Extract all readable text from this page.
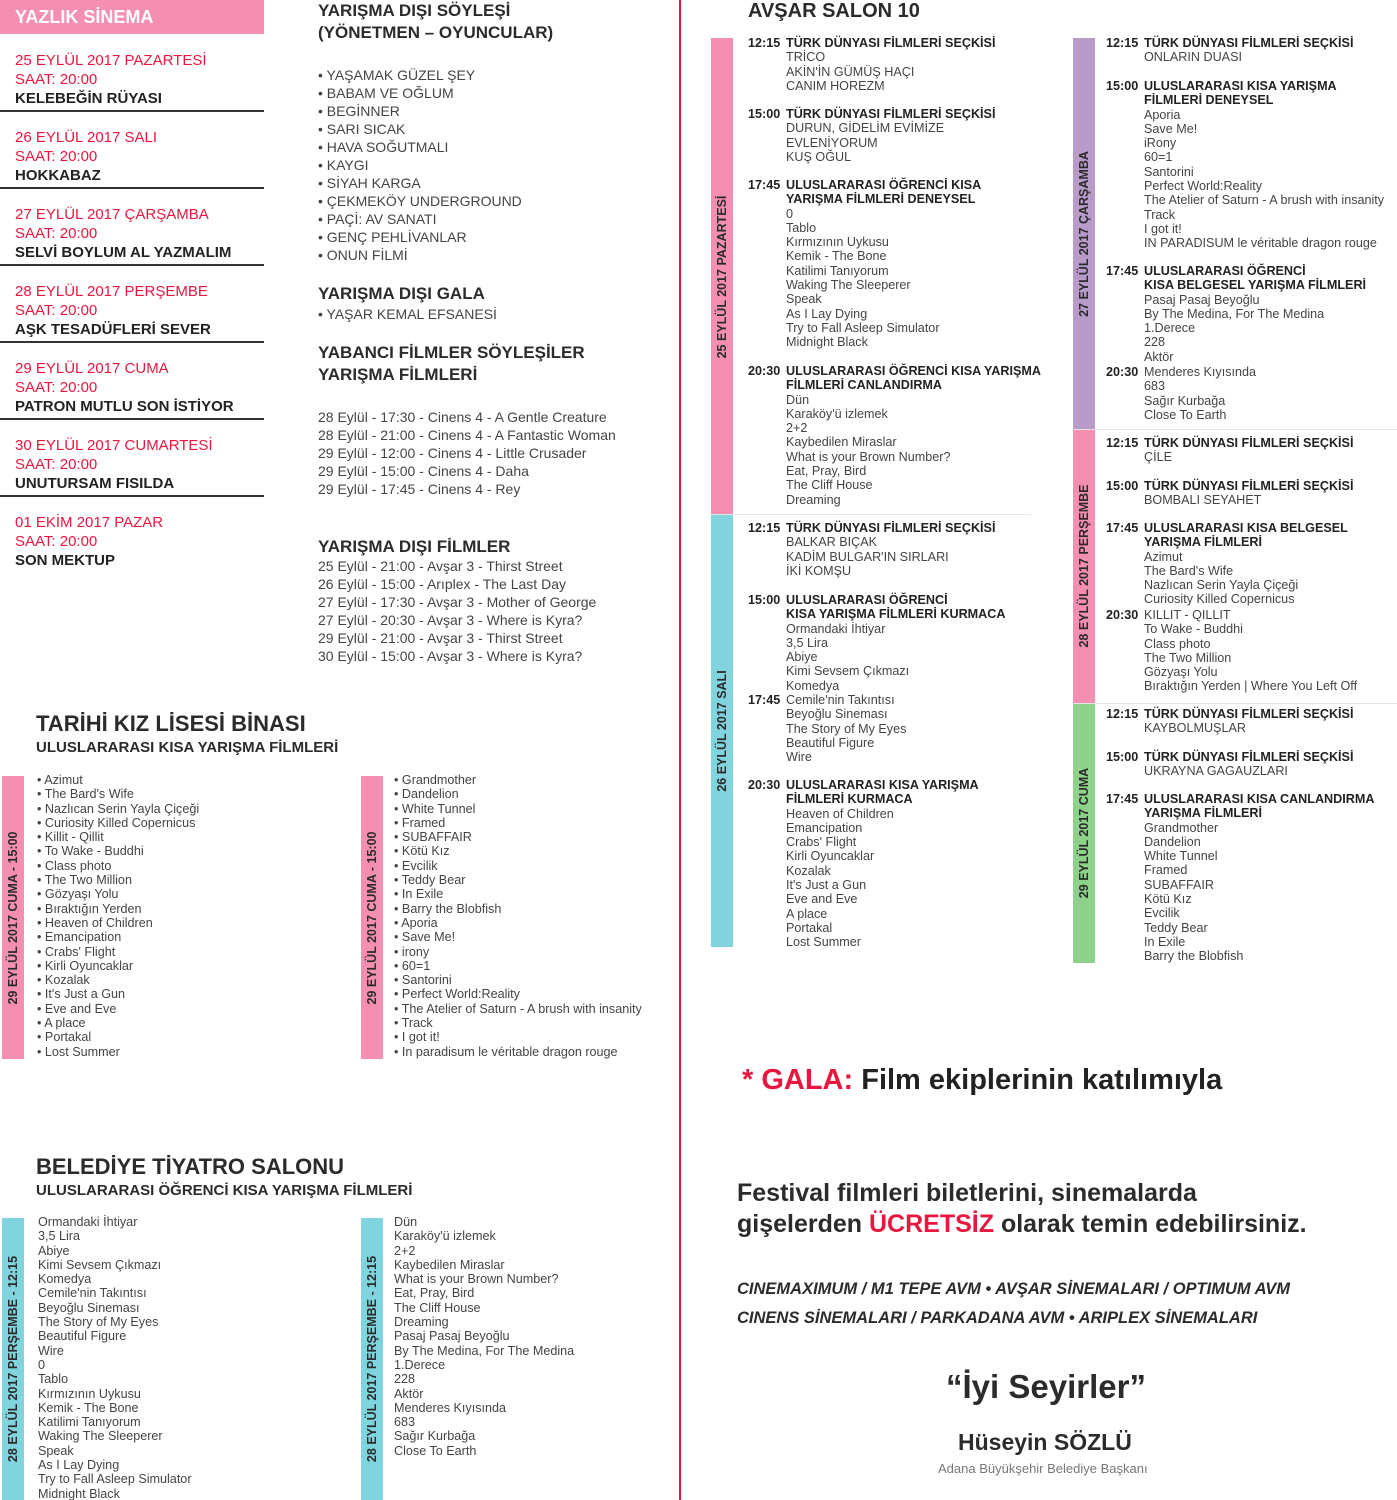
YAZLIK SİNEMA
25 EYLÜL 2017 PAZARTESİ
SAAT: 20:00
KELEBEĞİN RÜYASI
26 EYLÜL 2017 SALI
SAAT: 20:00
HOKKABAZ
27 EYLÜL 2017 ÇARŞAMBA
SAAT: 20:00
SELVİ BOYLUM AL YAZMALIM
28 EYLÜL 2017 PERŞEMBE
SAAT: 20:00
AŞK TESADÜFLERİ SEVER
29 EYLÜL 2017 CUMA
SAAT: 20:00
PATRON MUTLU SON İSTİYOR
30 EYLÜL 2017 CUMARTESİ
SAAT: 20:00
UNUTURSAM FISILDA
01 EKİM 2017 PAZAR
SAAT: 20:00
SON MEKTUP
YARIŞMA DIŞI SÖYLEŞİ
(YÖNETMEN – OYUNCULAR)
• YAŞAMAK GÜZEL ŞEY
• BABAM VE OĞLUM
• BEGİNNER
• SARI SICAK
• HAVA SOĞUTMALI
• KAYGI
• SİYAH KARGA
• ÇEKMEKÖY UNDERGROUND
• PAÇİ: AV SANATI
• GENÇ PEHLİVANLAR
• ONUN FİLMİ
YARIŞMA DIŞI GALA
• YAŞAR KEMAL EFSANESİ
YABANCI FİLMLER SÖYLEŞİLER
YARIŞMA FİLMLERİ
28 Eylül - 17:30 - Cinens 4 - A Gentle Creature
28 Eylül - 21:00 - Cinens 4 - A Fantastic Woman
29 Eylül - 12:00 - Cinens 4 - Little Crusader
29 Eylül - 15:00 - Cinens 4 - Daha
29 Eylül - 17:45 - Cinens 4 - Rey
YARIŞMA DIŞI FİLMLER
25 Eylül - 21:00 - Avşar 3 - Thirst Street
26 Eylül - 15:00 - Arıplex - The Last Day
27 Eylül - 17:30 - Avşar 3 - Mother of George
27 Eylül - 20:30 - Avşar 3 - Where is Kyra?
29 Eylül - 21:00 - Avşar 3 - Thirst Street
30 Eylül - 15:00 - Avşar 3 - Where is Kyra?
TARİHİ KIZ LİSESİ BİNASI
ULUSLARARASI KISA YARIŞMA FİLMLERİ
29 EYLÜL 2017 CUMA - 15:00
• Azimut
• The Bard's Wife
• Nazlıcan Serin Yayla Çiçeği
• Curiosity Killed Copernicus
• Killit - Qillit
• To Wake - Buddhi
• Class photo
• The Two Million
• Gözyaşı Yolu
• Bıraktığın Yerden
• Heaven of Children
• Emancipation
• Crabs' Flight
• Kirli Oyuncaklar
• Kozalak
• It's Just a Gun
• Eve and Eve
• A place
• Portakal
• Lost Summer
29 EYLÜL 2017 CUMA - 15:00
• Grandmother
• Dandelion
• White Tunnel
• Framed
• SUBAFFAIR
• Kötü Kız
• Evcilik
• Teddy Bear
• In Exile
• Barry the Blobfish
• Aporia
• Save Me!
• irony
• 60=1
• Santorini
• Perfect World:Reality
• The Atelier of Saturn - A brush with insanity
• Track
• I got it!
• In paradisum le véritable dragon rouge
BELEDİYE TİYATRO SALONU
ULUSLARARASI ÖĞRENCİ KISA YARIŞMA FİLMLERİ
28 EYLÜL 2017 PERŞEMBE - 12:15
Ormandaki İhtiyar
3,5 Lira
Abiye
Kimi Sevsem Çıkmazı
Komedya
Cemile'nin Takıntısı
Beyoğlu Sineması
The Story of My Eyes
Beautiful Figure
Wire
0
Tablo
Kırmızının Uykusu
Kemik - The Bone
Katilimi Tanıyorum
Waking The Sleeperer
Speak
As I Lay Dying
Try to Fall Asleep Simulator
Midnight Black
28 EYLÜL 2017 PERŞEMBE - 12:15
Dün
Karaköy'ü izlemek
2+2
Kaybedilen Miraslar
What is your Brown Number?
Eat, Pray, Bird
The Cliff House
Dreaming
Pasaj Pasaj Beyoğlu
By The Medina, For The Medina
1.Derece
228
Aktör
Menderes Kıyısında
683
Sağır Kurbağa
Close To Earth
AVŞAR SALON 10
25 EYLÜL 2017 PAZARTESİ
26 EYLÜL 2017 SALI
27 EYLÜL 2017 ÇARŞAMBA
28 EYLÜL 2017 PERŞEMBE
29 EYLÜL 2017 CUMA
12:15 TÜRK DÜNYASI FİLMLERİ SEÇKİSİ
TRİCO
AKİN'İN GÜMÜŞ HAÇI
CANIM HOREZM
15:00 TÜRK DÜNYASI FİLMLERİ SEÇKİSİ
DURUN, GİDELİM EVİMİZE
EVLENİYORUM
KUŞ OĞUL
17:45 ULUSLARARASI ÖĞRENCİ KISA
YARIŞMA FİLMLERİ DENEYSEL
0
Tablo
Kırmızının Uykusu
Kemik - The Bone
Katilimi Tanıyorum
Waking The Sleeperer
Speak
As I Lay Dying
Try to Fall Asleep Simulator
Midnight Black
20:30 ULUSLARARASI ÖĞRENCİ KISA YARIŞMA
FİLMLERİ CANLANDIRMA
Dün
Karaköy'ü izlemek
2+2
Kaybedilen Miraslar
What is your Brown Number?
Eat, Pray, Bird
The Cliff House
Dreaming
12:15 TÜRK DÜNYASI FİLMLERİ SEÇKİSİ
BALKAR BIÇAK
KADİM BULGAR'IN SIRLARI
İKİ KOMŞU
15:00 ULUSLARARASI ÖĞRENCİ
KISA YARIŞMA FİLMLERİ KURMACA
Ormandaki İhtiyar
3,5 Lira
Abiye
Kimi Sevsem Çıkmazı
Komedya
17:45 Cemile'nin Takıntısı
Beyoğlu Sineması
The Story of My Eyes
Beautiful Figure
Wire
20:30 ULUSLARARASI KISA YARIŞMA
FİLMLERİ KURMACA
Heaven of Children
Emancipation
Crabs' Flight
Kirli Oyuncaklar
Kozalak
It's Just a Gun
Eve and Eve
A place
Portakal
Lost Summer
12:15 TÜRK DÜNYASI FİLMLERİ SEÇKİSİ
ONLARIN DUASI
15:00 ULUSLARARASI KISA YARIŞMA
FİLMLERİ DENEYSEL
Aporia
Save Me!
iRony
60=1
Santorini
Perfect World:Reality
The Atelier of Saturn - A brush with insanity
Track
I got it!
IN PARADISUM le véritable dragon rouge
17:45 ULUSLARARASI ÖĞRENCİ
KISA BELGESEL YARIŞMA FİLMLERİ
Pasaj Pasaj Beyoğlu
By The Medina, For The Medina
1.Derece
228
Aktör
20:30 Menderes Kıyısında
683
Sağır Kurbağa
Close To Earth
12:15 TÜRK DÜNYASI FİLMLERİ SEÇKİSİ
ÇİLE
15:00 TÜRK DÜNYASI FİLMLERİ SEÇKİSİ
BOMBALI SEYAHET
17:45 ULUSLARARASI KISA BELGESEL
YARIŞMA FİLMLERİ
Azimut
The Bard's Wife
Nazlıcan Serin Yayla Çiçeği
Curiosity Killed Copernicus
20:30 KILLIT - QILLIT
To Wake - Buddhi
Class photo
The Two Million
Gözyaşı Yolu
Bıraktığın Yerden | Where You Left Off
12:15 TÜRK DÜNYASI FİLMLERİ SEÇKİSİ
KAYBOLMUŞLAR
15:00 TÜRK DÜNYASI FİLMLERİ SEÇKİSİ
UKRAYNA GAGAUZLARI
17:45 ULUSLARARASI KISA CANLANDIRMA
YARIŞMA FİLMLERİ
Grandmother
Dandelion
White Tunnel
Framed
SUBAFFAIR
Kötü Kız
Evcilik
Teddy Bear
In Exile
Barry the Blobfish
* GALA: Film ekiplerinin katılımıyla
Festival filmleri biletlerini, sinemalarda
gişelerden ÜCRETSİZ olarak temin edebilirsiniz.
CINEMAXIMUM / M1 TEPE AVM • AVŞAR SİNEMALARI / OPTIMUM AVM
CINENS SİNEMALARI / PARKADANA AVM • ARIPLEX SİNEMALARI
“İyi Seyirler”
Hüseyin SÖZLÜ
Adana Büyükşehir Belediye Başkanı
